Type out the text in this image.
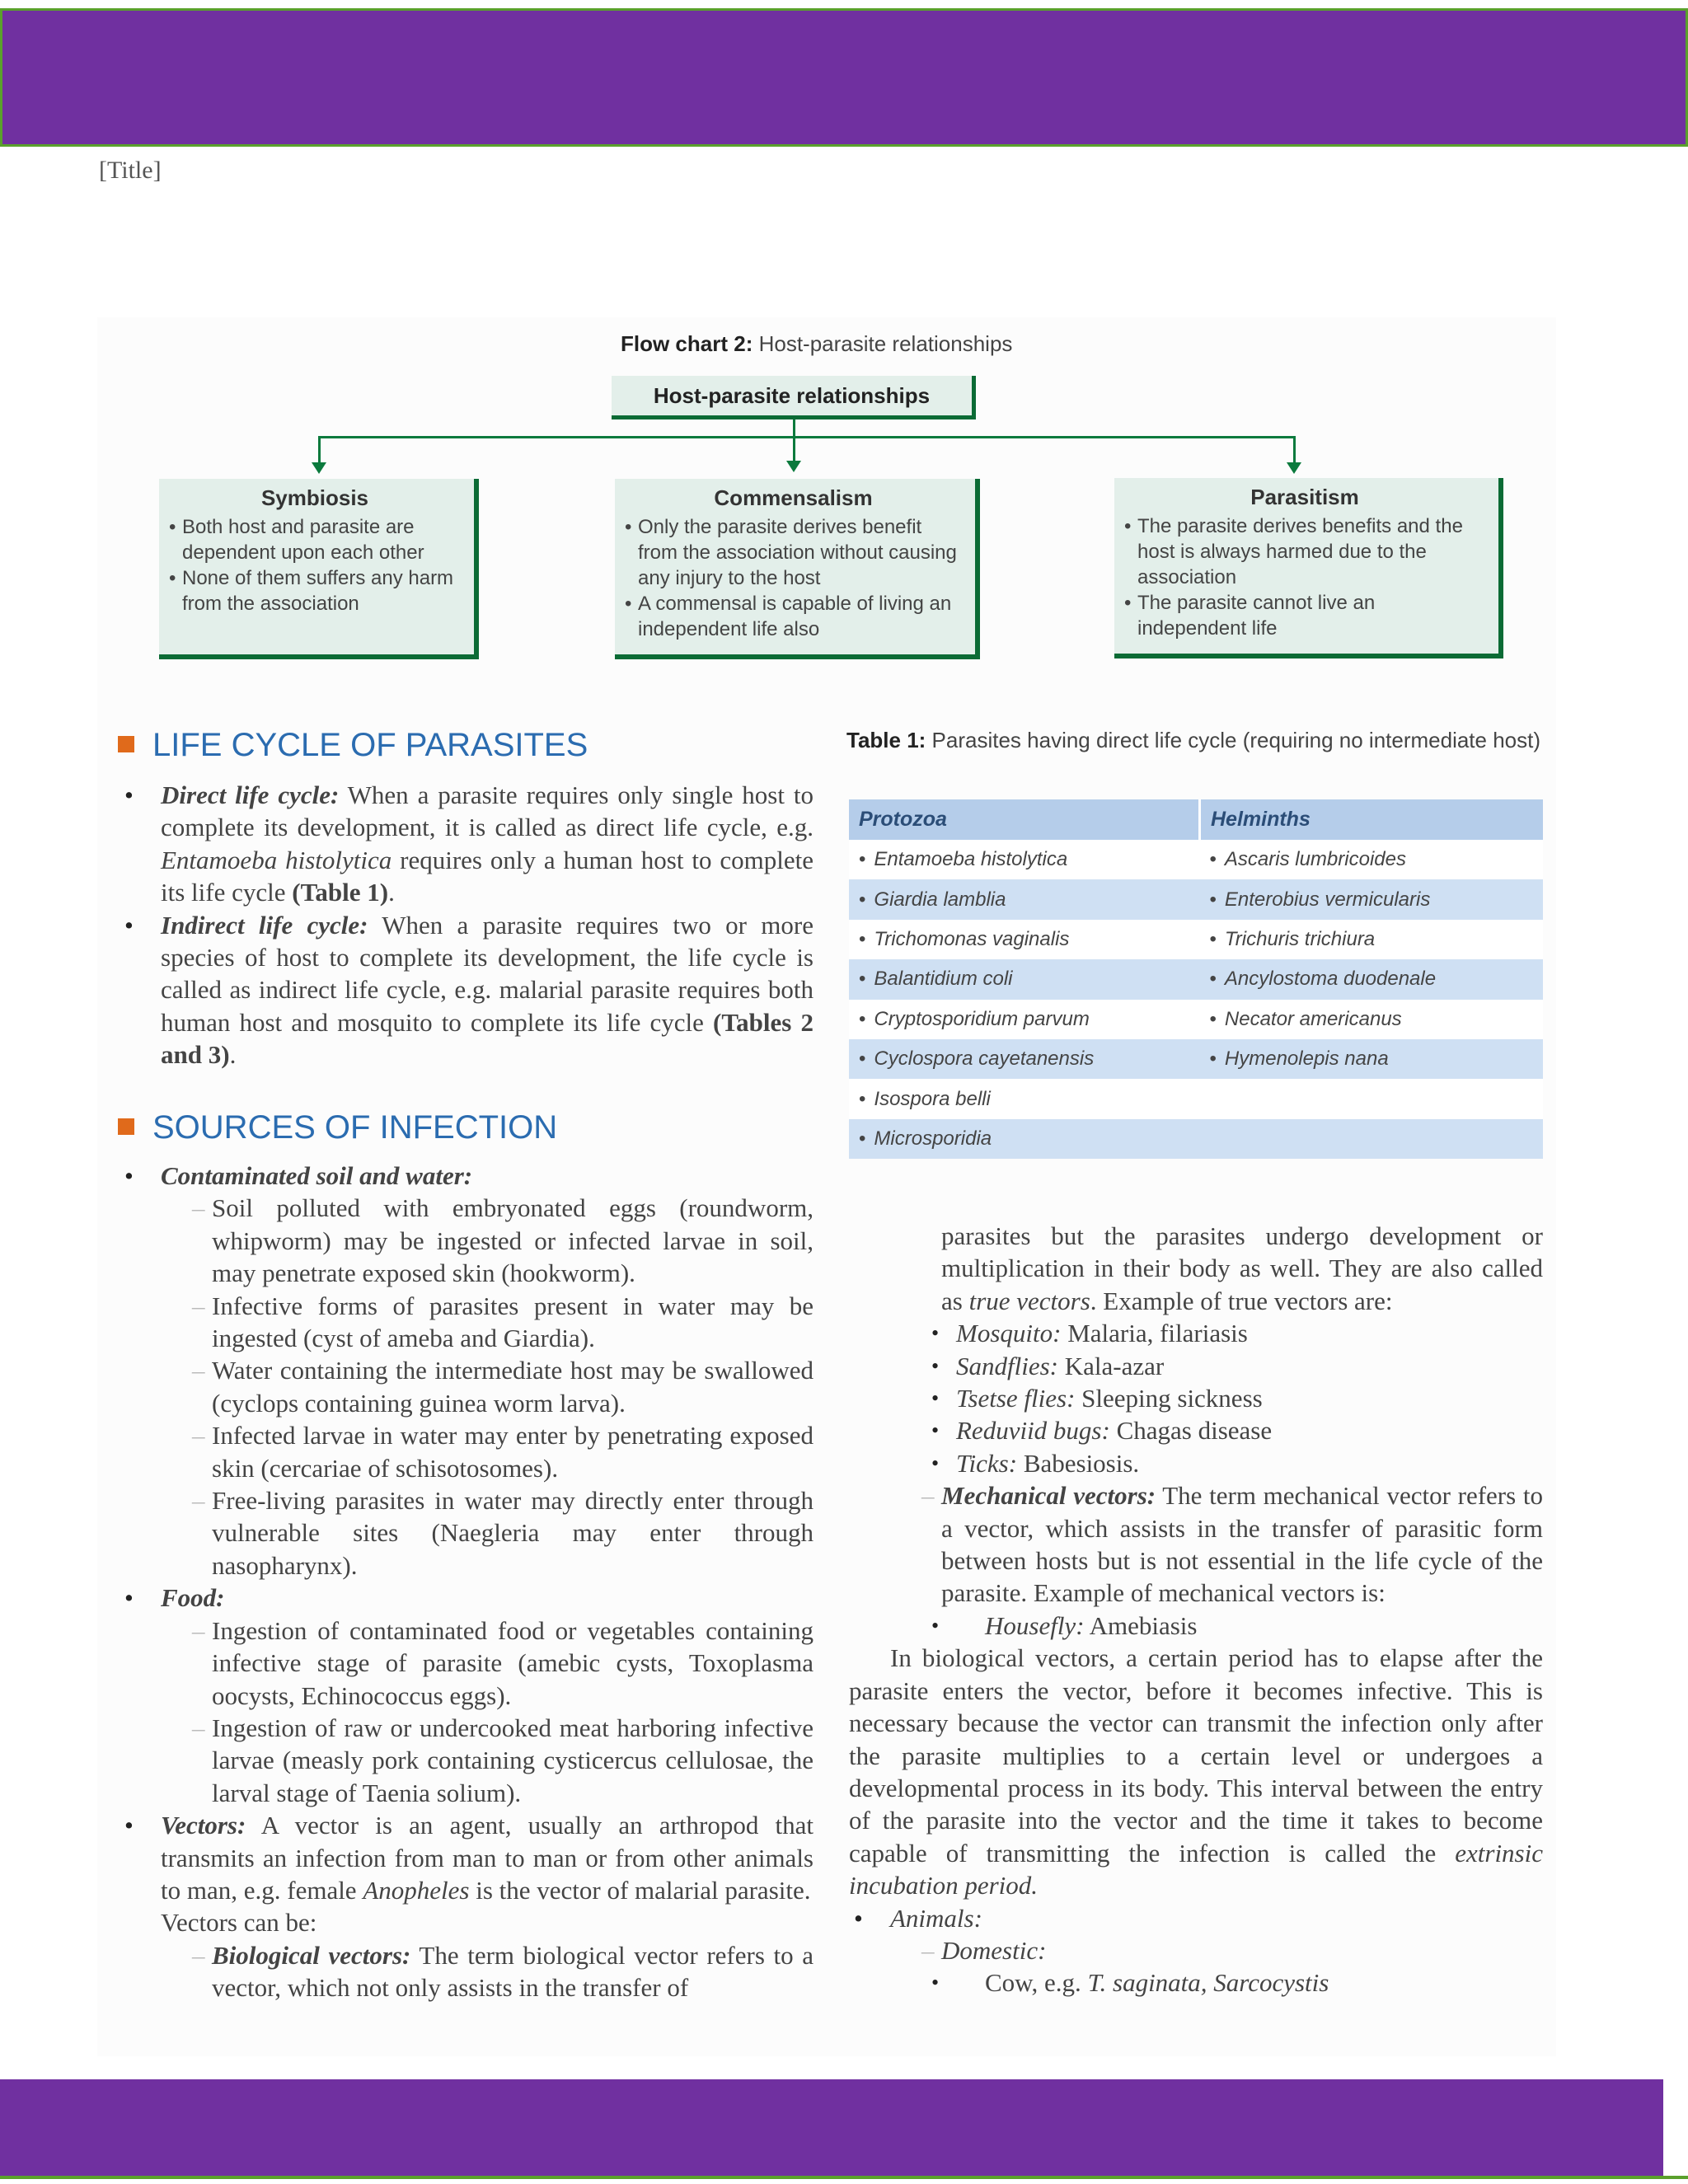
[Title]
Flow chart 2: Host-parasite relationships
Host-parasite relationships
Symbiosis
• Both host and parasite are dependent upon each other
• None of them suffers any harm from the association
Commensalism
• Only the parasite derives benefit from the association without causing any injury to the host
• A commensal is capable of living an independent life also
Parasitism
• The parasite derives benefits and the host is always harmed due to the association
• The parasite cannot live an independent life
LIFE CYCLE OF PARASITES

• Direct life cycle: When a parasite requires only single host to complete its development, it is called as direct life cycle, e.g. Entamoeba histolytica requires only a human host to complete its life cycle (Table 1).

• Indirect life cycle: When a parasite requires two or more species of host to complete its development, the life cycle is called as indirect life cycle, e.g. malarial parasite requires both human host and mosquito to complete its life cycle (Tables 2 and 3).

SOURCES OF INFECTION

• Contaminated soil and water:

– Soil polluted with embryonated eggs (roundworm, whipworm) may be ingested or infected larvae in soil, may penetrate exposed skin (hookworm).

– Infective forms of parasites present in water may be ingested (cyst of ameba and Giardia).

– Water containing the intermediate host may be swallowed (cyclops containing guinea worm larva).

– Infected larvae in water may enter by penetrating exposed skin (cercariae of schisotosomes).

– Free-living parasites in water may directly enter through vulnerable sites (Naegleria may enter through nasopharynx).

• Food:

– Ingestion of contaminated food or vegetables containing infective stage of parasite (amebic cysts, Toxoplasma oocysts, Echinococcus eggs).

– Ingestion of raw or undercooked meat harboring infective larvae (measly pork containing cysticercus cellulosae, the larval stage of Taenia solium).

• Vectors: A vector is an agent, usually an arthropod that transmits an infection from man to man or from other animals to man, e.g. female Anopheles is the vector of malarial parasite.

Vectors can be:

– Biological vectors: The term biological vector refers to a vector, which not only assists in the transfer of

parasites but the parasites undergo development or multiplication in their body as well. They are also called as true vectors. Example of true vectors are:

• Mosquito: Malaria, filariasis

• Sandflies: Kala-azar

• Tsetse flies: Sleeping sickness

• Reduviid bugs: Chagas disease

• Ticks: Babesiosis.

– Mechanical vectors: The term mechanical vector refers to a vector, which assists in the transfer of parasitic form between hosts but is not essential in the life cycle of the parasite. Example of mechanical vectors is:

• Housefly: Amebiasis

In biological vectors, a certain period has to elapse after the parasite enters the vector, before it becomes infective. This is necessary because the vector can transmit the infection only after the parasite multiplies to a certain level or undergoes a developmental process in its body. This interval between the entry of the parasite into the vector and the time it takes to become capable of transmitting the infection is called the extrinsic incubation period.

• Animals:

– Domestic:

• Cow, e.g. T. saginata, Sarcocystis

Table 1: Parasites having direct life cycle (requiring no intermediate host)
Protozoa	Helminths
• Entamoeba histolytica	• Ascaris lumbricoides
• Giardia lamblia	• Enterobius vermicularis
• Trichomonas vaginalis	• Trichuris trichiura
• Balantidium coli	• Ancylostoma duodenale
• Cryptosporidium parvum	• Necator americanus
• Cyclospora cayetanensis	• Hymenolepis nana
• Isospora belli	
• Microsporidia	
